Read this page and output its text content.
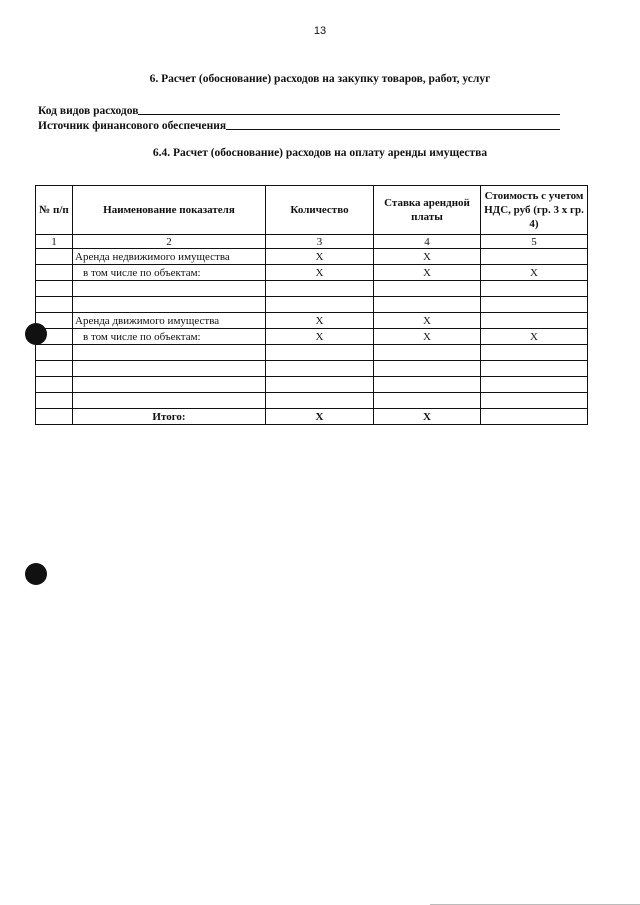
13
6. Расчет (обоснование) расходов на закупку товаров, работ, услуг
Код видов расходов
Источник финансового обеспечения
6.4. Расчет (обоснование) расходов на оплату аренды имущества
№ п/п	Наименование показателя	Количество	Ставка арендной платы	Стоимость с учетом НДС, руб (гр. 3 х гр. 4)
1	2	3	4	5
	Аренда недвижимого имущества	X	X	
	в том числе по объектам:	X	X	X

	Аренда движимого имущества	X	X	
	в том числе по объектам:	X	X	X

	Итого:	X	X	
